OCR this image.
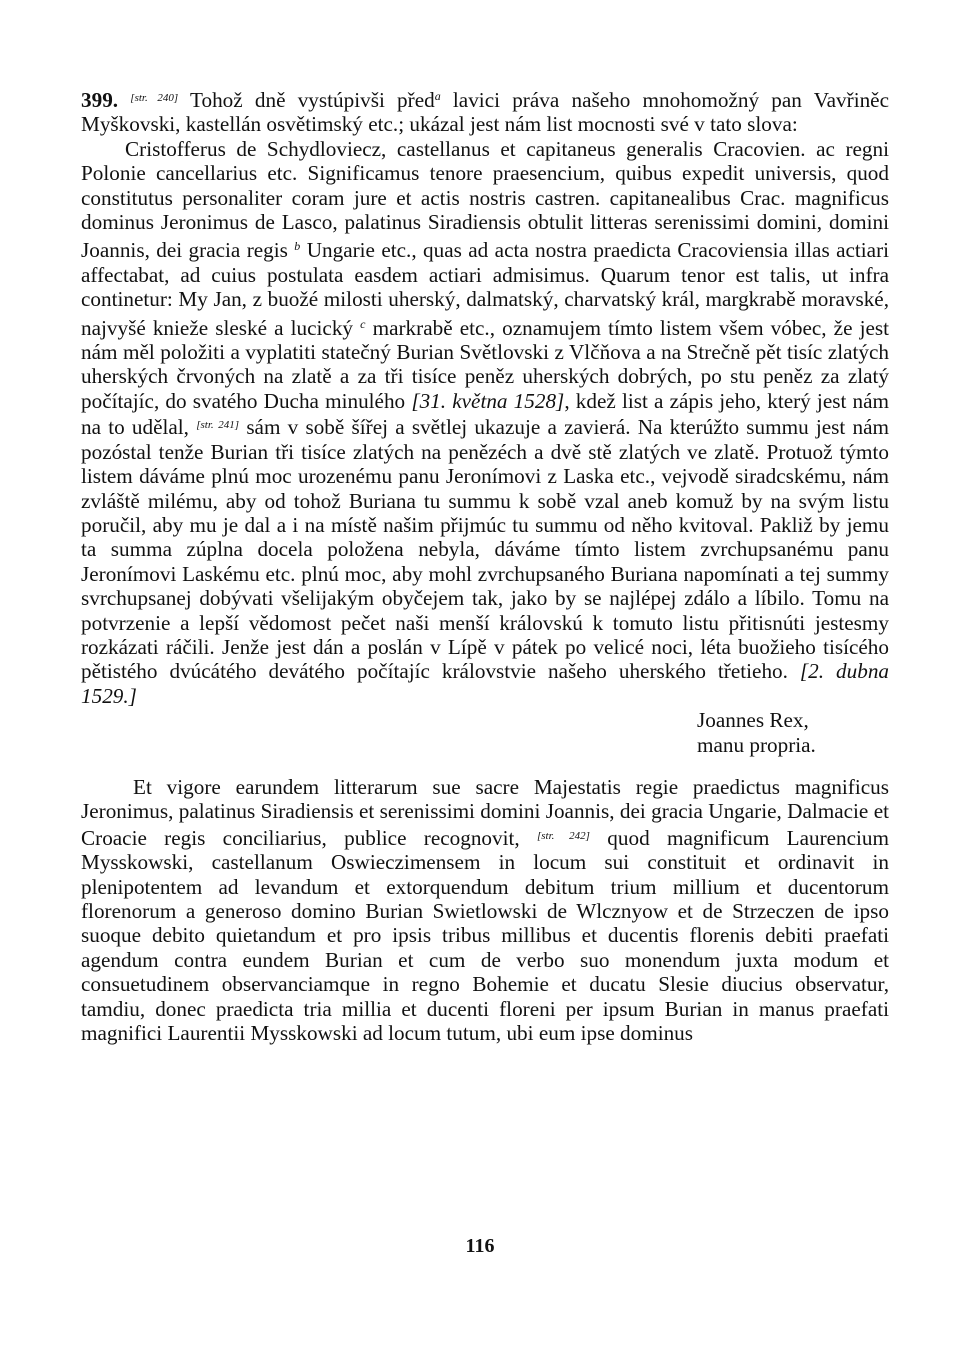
399. [str. 240] Tohož dně vystúpivši před$^a$ lavici práva našeho mnohomožný pan Vavřiněc Myškovski, kastellán osvětimský etc.; ukázal jest nám list mocnosti své v tato slova:

Cristofferus de Schydloviecz, castellanus et capitaneus generalis Cracovien. ac regni Polonie cancellarius etc. Significamus tenore praesencium, quibus expedit universis, quod constitutus personaliter coram jure et actis nostris castren. capitanealibus Crac. magnificus dominus Jeronimus de Lasco, palatinus Siradiensis obtulit litteras serenissimi domini, domini Joannis, dei gracia regis $^b$ Ungarie etc., quas ad acta nostra praedicta Cracoviensia illas actiari affectabat, ad cuius postulata easdem actiari admisimus. Quarum tenor est talis, ut infra continetur: My Jan, z buožé milosti uherský, dalmatský, charvatský král, margkrabě moravské, najvyšé knieže sleské a lucický $^c$ markrabě etc., oznamujem tímto listem všem vóbec, že jest nám měl položiti a vyplatiti statečný Burian Světlovski z Vlčňova a na Strečně pět tisíc zlatých uherských črvoných na zlatě a za tři tisíce peněz uherských dobrých, po stu peněz za zlatý počítajíc, do svatého Ducha minulého [31. května 1528], kdež list a zápis jeho, který jest nám na to udělal, [str. 241] sám v sobě šířej a světlej ukazuje a zavierá. Na kterúžto summu jest nám pozóstal tenže Burian tři tisíce zlatých na penězéch a dvě stě zlatých ve zlatě. Protuož týmto listem dáváme plnú moc urozenému panu Jeronímovi z Laska etc., vejvodě siradcskému, nám zvláště milému, aby od tohož Buriana tu summu k sobě vzal aneb komuž by na svým listu poručil, aby mu je dal a i na místě našim přijmúc tu summu od něho kvitoval. Pakliž by jemu ta summa zúplna docela položena nebyla, dáváme tímto listem zvrchupsanému panu Jeronímovi Laskému etc. plnú moc, aby mohl zvrchupsaného Buriana napomínati a tej summy svrchupsanej dobývati všelijakým obyčejem tak, jako by se najlépej zdálo a líbilo. Tomu na potvrzenie a lepší vědomost pečet naši menší královskú k tomuto listu přitisnúti jestesmy rozkázati ráčili. Jenže jest dán a poslán v Lípě v pátek po velicé noci, léta buožieho tisícého pětistého dvúcátého devátého počítajíc královstvie našeho uherského třetieho. [2. dubna 1529.]

Joannes Rex,
manu propria.

Et vigore earundem litterarum sue sacre Majestatis regie praedictus magnificus Jeronimus, palatinus Siradiensis et serenissimi domini Joannis, dei gracia Ungarie, Dalmacie et Croacie regis conciliarius, publice recognovit, [str. 242] quod magnificum Laurencium Mysskowski, castellanum Oswieczimensem in locum sui constituit et ordinavit in plenipotentem ad levandum et extorquendum debitum trium millium et ducentorum florenorum a generoso domino Burian Swietlowski de Wlcznyow et de Strzeczen de ipso suoque debito quietandum et pro ipsis tribus millibus et ducentis florenis debiti praefati agendum contra eundem Burian et cum de verbo suo monendum juxta modum et consuetudinem observanciamque in regno Bohemie et ducatu Slesie diucius observatur, tamdiu, donec praedicta tria millia et ducenti floreni per ipsum Burian in manus praefati magnifici Laurentii Mysskowski ad locum tutum, ubi eum ipse dominus

116
